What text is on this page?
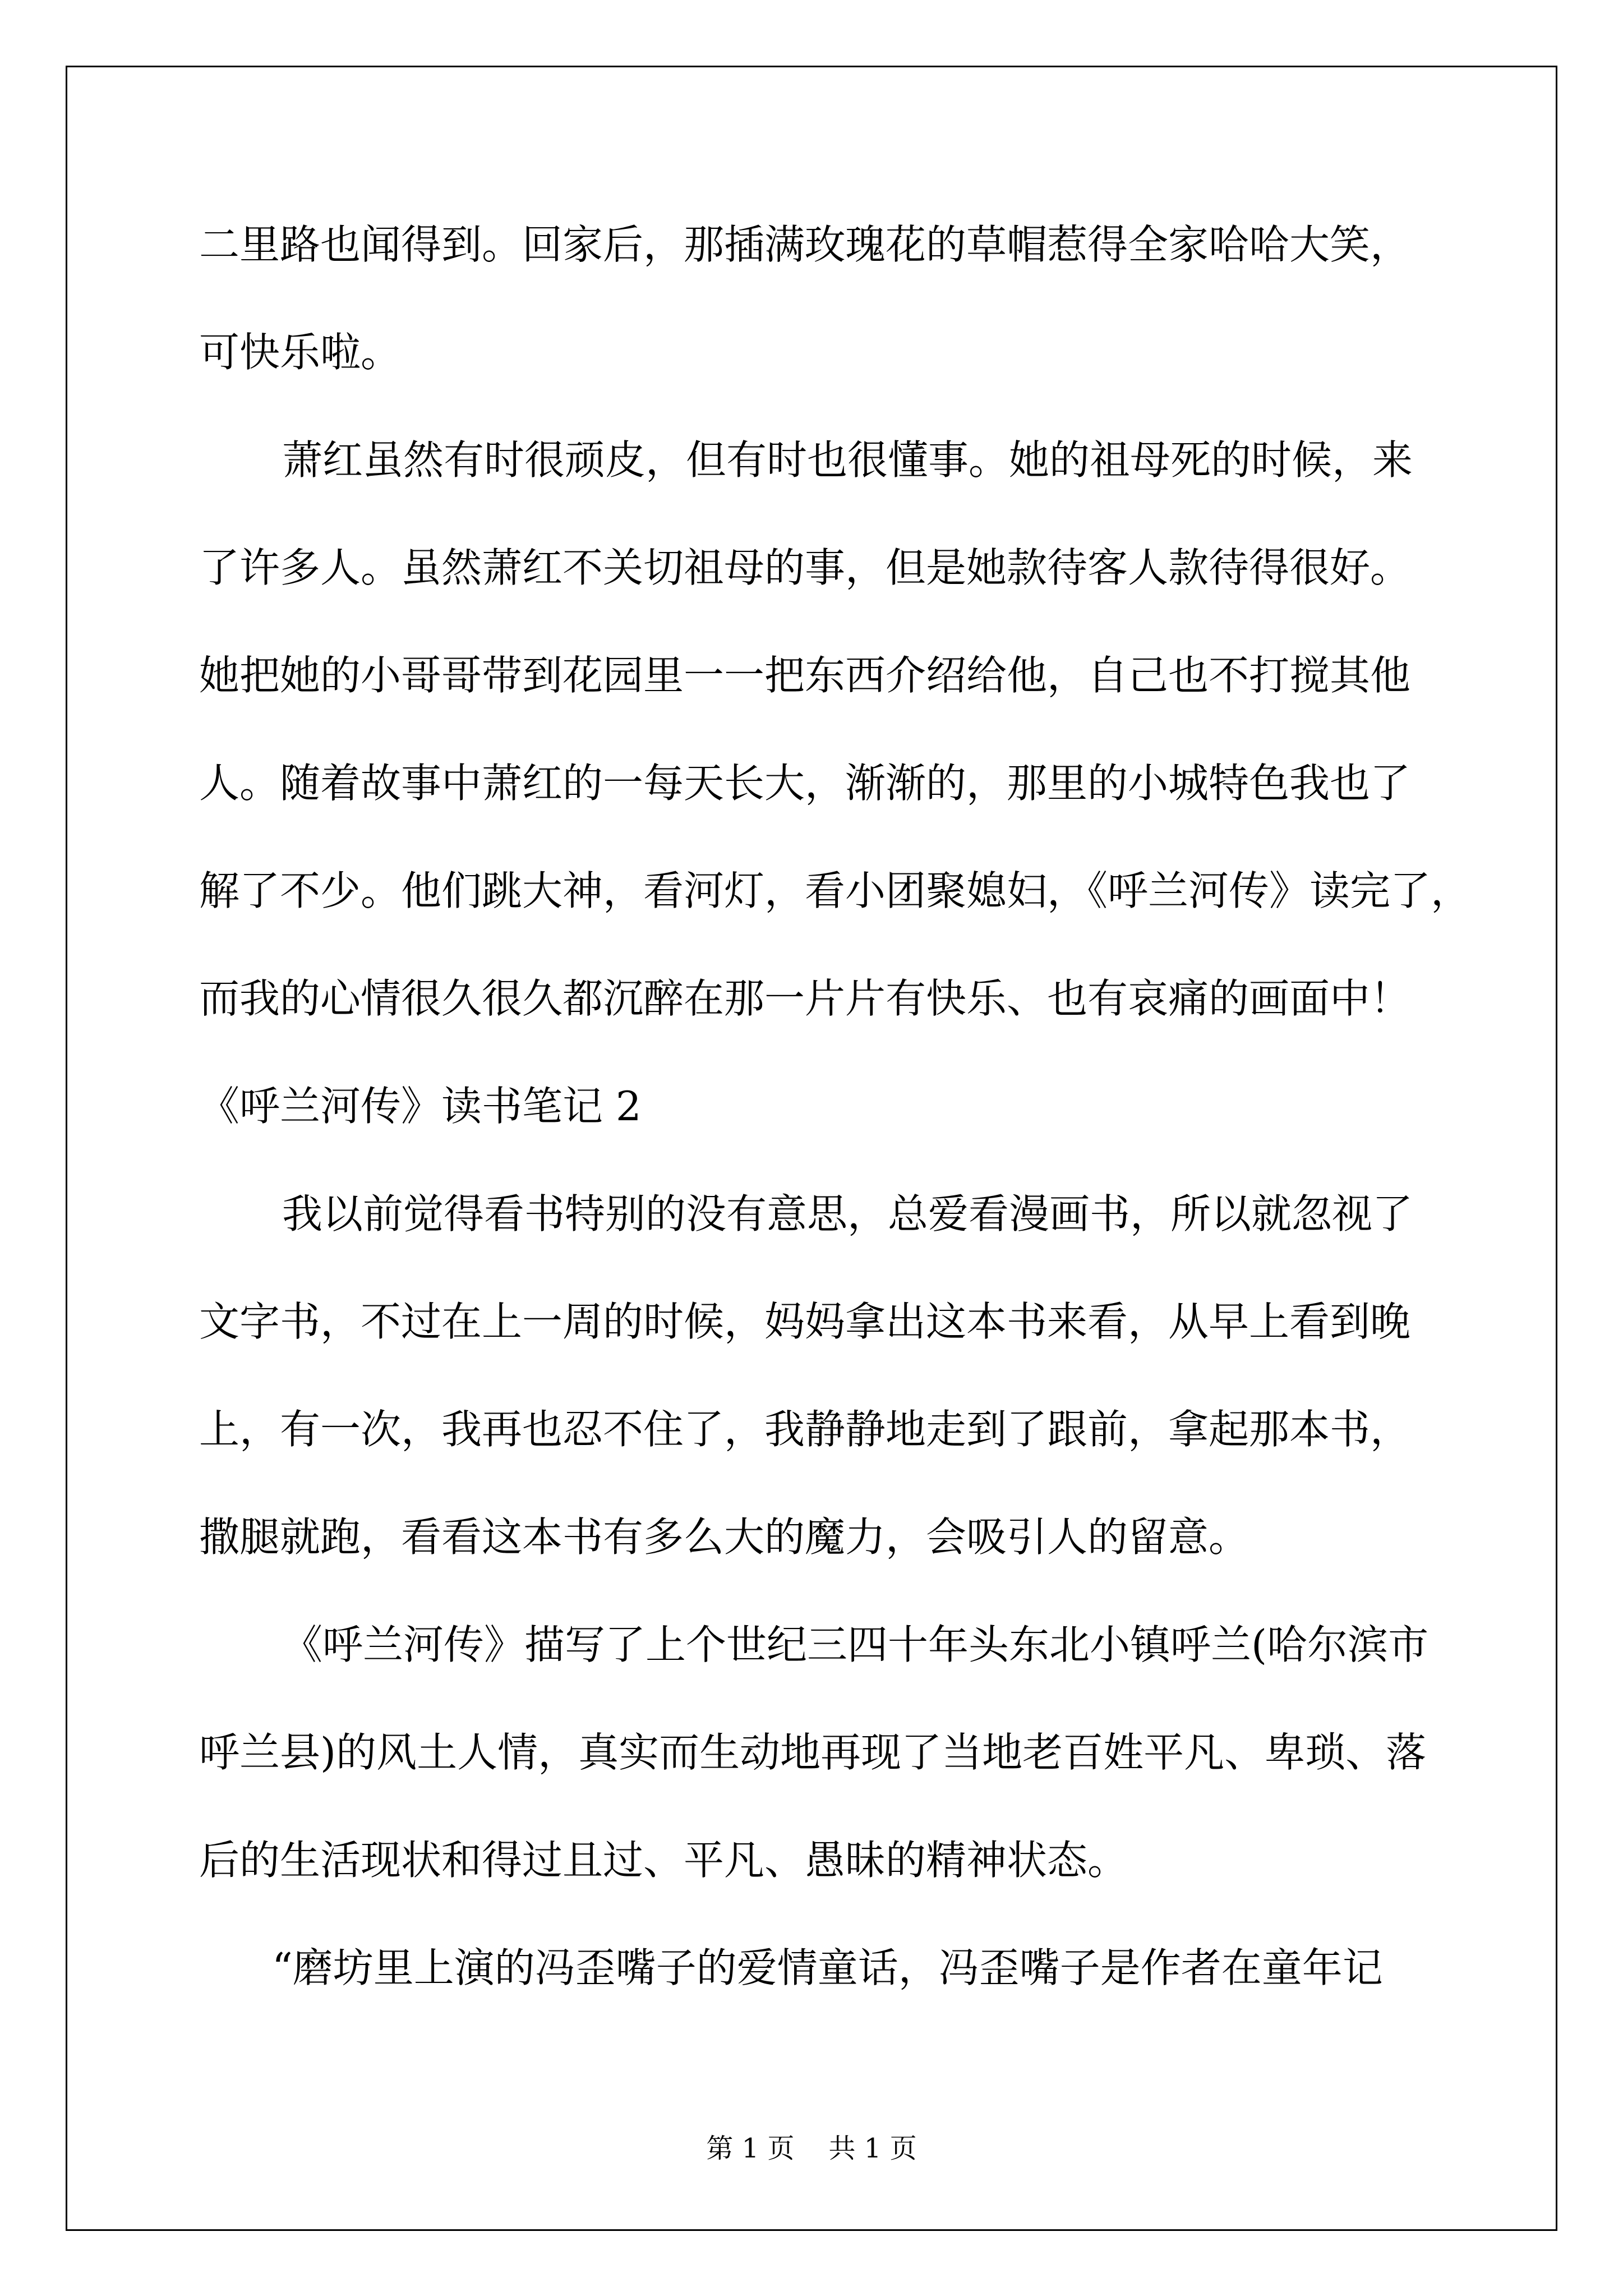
二里路也闻得到。回家后，那插满玫瑰花的草帽惹得全家哈哈大笑，
可快乐啦。
萧红虽然有时很顽皮，但有时也很懂事。她的祖母死的时候，来
了许多人。虽然萧红不关切祖母的事，但是她款待客人款待得很好。
她把她的小哥哥带到花园里一一把东西介绍给他，自己也不打搅其他
人。随着故事中萧红的一每天长大，渐渐的，那里的小城特色我也了
解了不少。他们跳大神，看河灯，看小团聚媳妇，《呼兰河传》读完了，
而我的心情很久很久都沉醉在那一片片有快乐、也有哀痛的画面中！
《呼兰河传》读书笔记 2
我以前觉得看书特别的没有意思，总爱看漫画书，所以就忽视了
文字书，不过在上一周的时候，妈妈拿出这本书来看，从早上看到晚
上，有一次，我再也忍不住了，我静静地走到了跟前，拿起那本书，
撒腿就跑，看看这本书有多么大的魔力，会吸引人的留意。
《呼兰河传》描写了上个世纪三四十年头东北小镇呼兰(哈尔滨市
呼兰县)的风土人情，真实而生动地再现了当地老百姓平凡、卑琐、落
后的生活现状和得过且过、平凡、愚昧的精神状态。
“磨坊里上演的冯歪嘴子的爱情童话，冯歪嘴子是作者在童年记
第 1 页    共 1 页
